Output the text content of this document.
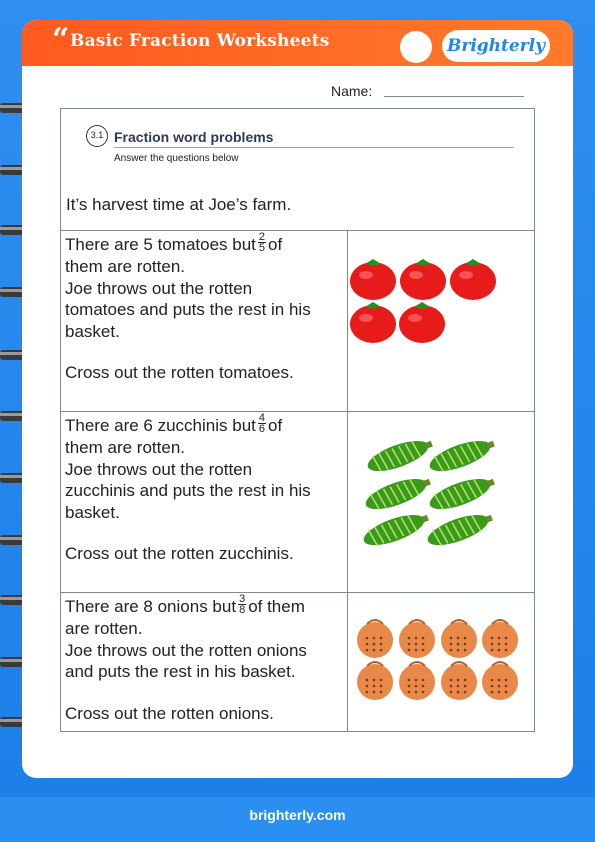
“ Basic Fraction Worksheets	Brighterly
Name:
3.1 Fraction word problems
Answer the questions below
It’s harvest time at Joe’s farm.
There are 5 tomatoes but $\frac{2}{5}$ of
them are rotten.
Joe throws out the rotten
tomatoes and puts the rest in his
basket.
Cross out the rotten tomatoes.
There are 6 zucchinis but $\frac{4}{6}$ of
them are rotten.
Joe throws out the rotten
zucchinis and puts the rest in his
basket.
Cross out the rotten zucchinis.
There are 8 onions but $\frac{3}{8}$ of them
are rotten.
Joe throws out the rotten onions
and puts the rest in his basket.
Cross out the rotten onions.
brighterly.com
